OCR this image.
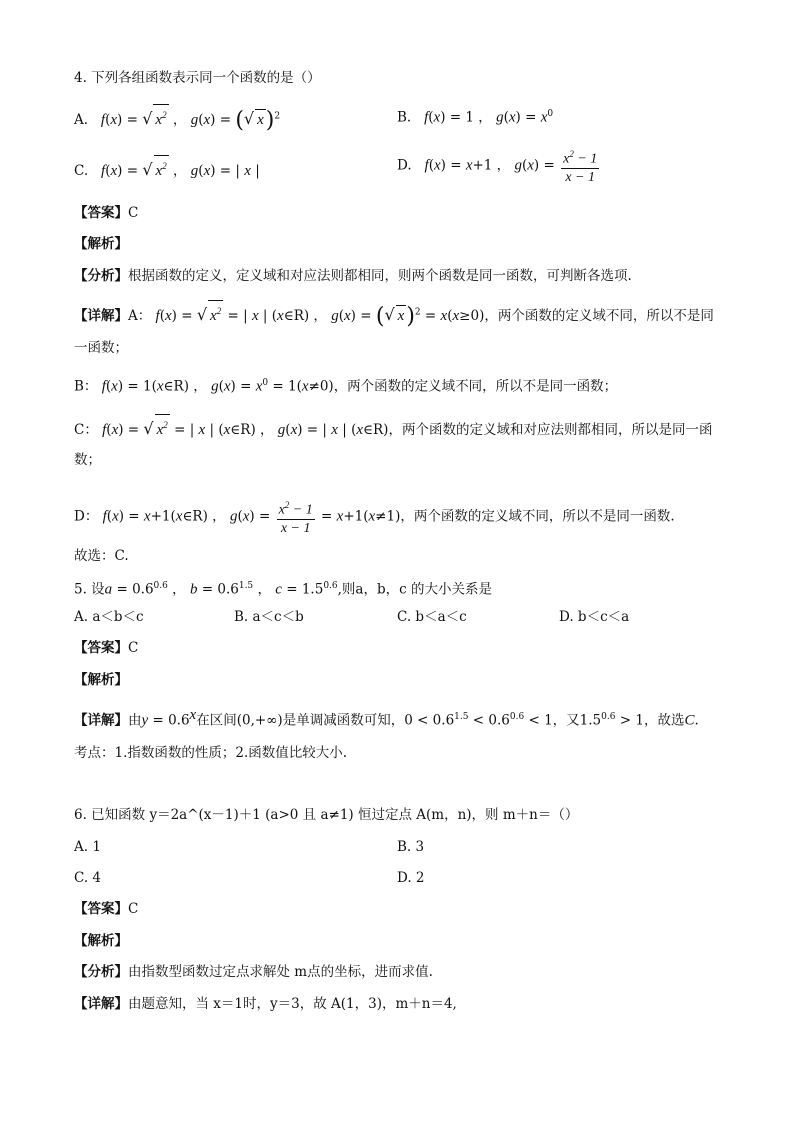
4. 下列各组函数表示同一个函数的是（）
A. f(x) = √ $x^2$ ， g(x) = (√ x)$^2$	B. f(x) = 1 ， $g(x) = x^0$
C. f(x) = √ $x^2$ ， g(x) = | x |	D. f(x) = x+1 ， $g(x) = \frac{x^2 - 1}{x - 1}$
【答案】C
【解析】
【分析】根据函数的定义，定义域和对应法则都相同，则两个函数是同一函数，可判断各选项.
【详解】A： f(x) = √ $x^2$ = | x | (x∈R) ， g(x) = (√ x)$^2$ = x(x≥0)，两个函数的定义域不同，所以不是同
一函数；
B： f(x) = 1(x∈R) ， $g(x) = x^0 = 1(x\ne 0)$，两个函数的定义域不同，所以不是同一函数；
C： f(x) = √ $x^2$ = | x | (x∈R) ， g(x) = | x | (x∈R)，两个函数的定义域和对应法则都相同，所以是同一函
数；
D： f(x) = x+1(x∈R) ， $g(x) = \frac{x^2 - 1}{x - 1} = x+1(x\ne 1)$，两个函数的定义域不同，所以不是同一函数.
故选：C.
5. 设$a = 0.6^{0.6}$ ， $b = 0.6^{1.5}$ ， $c = 1.5^{0.6}$,则a，b，c 的大小关系是
A. a＜b＜c	B. a＜c＜b	C. b＜a＜c	D. b＜c＜a
【答案】C
【解析】
【详解】由$y = 0.6^x$在区间(0,+∞)是单调减函数可知，$0 < 0.6^{1.5} < 0.6^{0.6} < 1$，又$1.5^{0.6} > 1$，故选C.
考点：1.指数函数的性质；2.函数值比较大小.
6. 已知函数 y＝2a^(x－1)＋1 (a>0 且 a≠1) 恒过定点 A(m，n)，则 m＋n＝（）
A. 1	B. 3
C. 4	D. 2
【答案】C
【解析】
【分析】由指数型函数过定点求解处 m点的坐标，进而求值.
【详解】由题意知，当 x＝1时，y＝3，故 A(1，3)，m＋n＝4,
